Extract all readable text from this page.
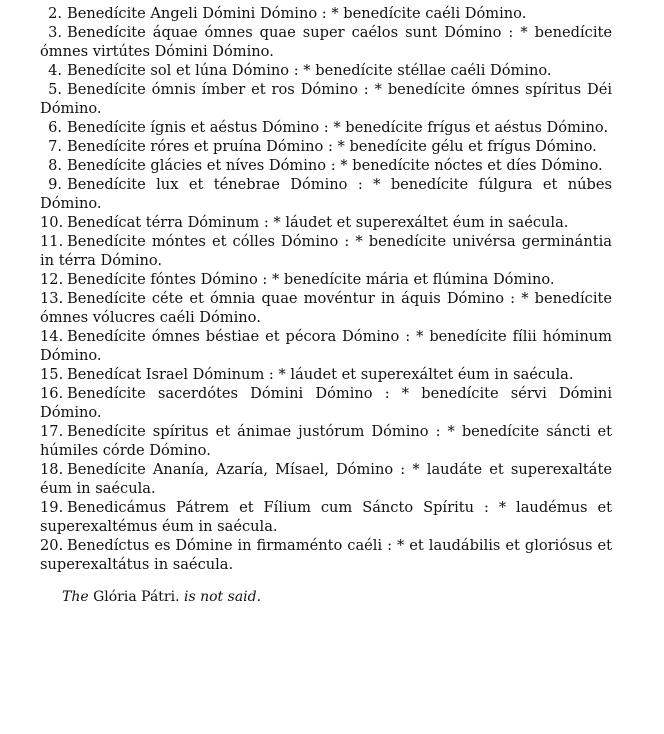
2. Benedícite Angeli Dómini Dómino : * benedícite caéli Dómino.
3. Benedícite áquae ómnes quae super caélos sunt Dómino : * benedícite ómnes virtútes Dómini Dómino.
4. Benedícite sol et lúna Dómino : * benedícite stéllae caéli Dómino.
5. Benedícite ómnis ímber et ros Dómino : * benedícite ómnes spíritus Déi Dómino.
6. Benedícite ígnis et aéstus Dómino : * benedícite frígus et aéstus Dómino.
7. Benedícite róres et pruína Dómino : * benedícite gélu et frígus Dómino.
8. Benedícite glácies et níves Dómino : * benedícite nóctes et díes Dómino.
9. Benedícite lux et ténebrae Dómino : * benedícite fúlgura et núbes Dómino.
10. Benedícat térra Dóminum : * láudet et superexáltet éum in saécula.
11. Benedícite móntes et cólles Dómino : * benedícite univérsa germinántia in térra Dómino.
12. Benedícite fóntes Dómino : * benedícite mária et flúmina Dómino.
13. Benedícite céte et ómnia quae movéntur in áquis Dómino : * benedícite ómnes vólucres caéli Dómino.
14. Benedícite ómnes béstiae et pécora Dómino : * benedícite fílii hóminum Dómino.
15. Benedícat Israel Dóminum : * láudet et superexáltet éum in saécula.
16. Benedícite sacerdótes Dómini Dómino : * benedícite sérvi Dómini Dómino.
17. Benedícite spíritus et ánimae justórum Dómino : * benedícite sáncti et húmiles córde Dómino.
18. Benedícite Ananía, Azaría, Mísael, Dómino : * laudáte et superexaltáte éum in saécula.
19. Benedicámus Pátrem et Fílium cum Sáncto Spíritu : * laudémus et superexaltémus éum in saécula.
20. Benedíctus es Dómine in firmaménto caéli : * et laudábilis et gloriósus et superexaltátus in saécula.
The Glória Pátri. is not said.
